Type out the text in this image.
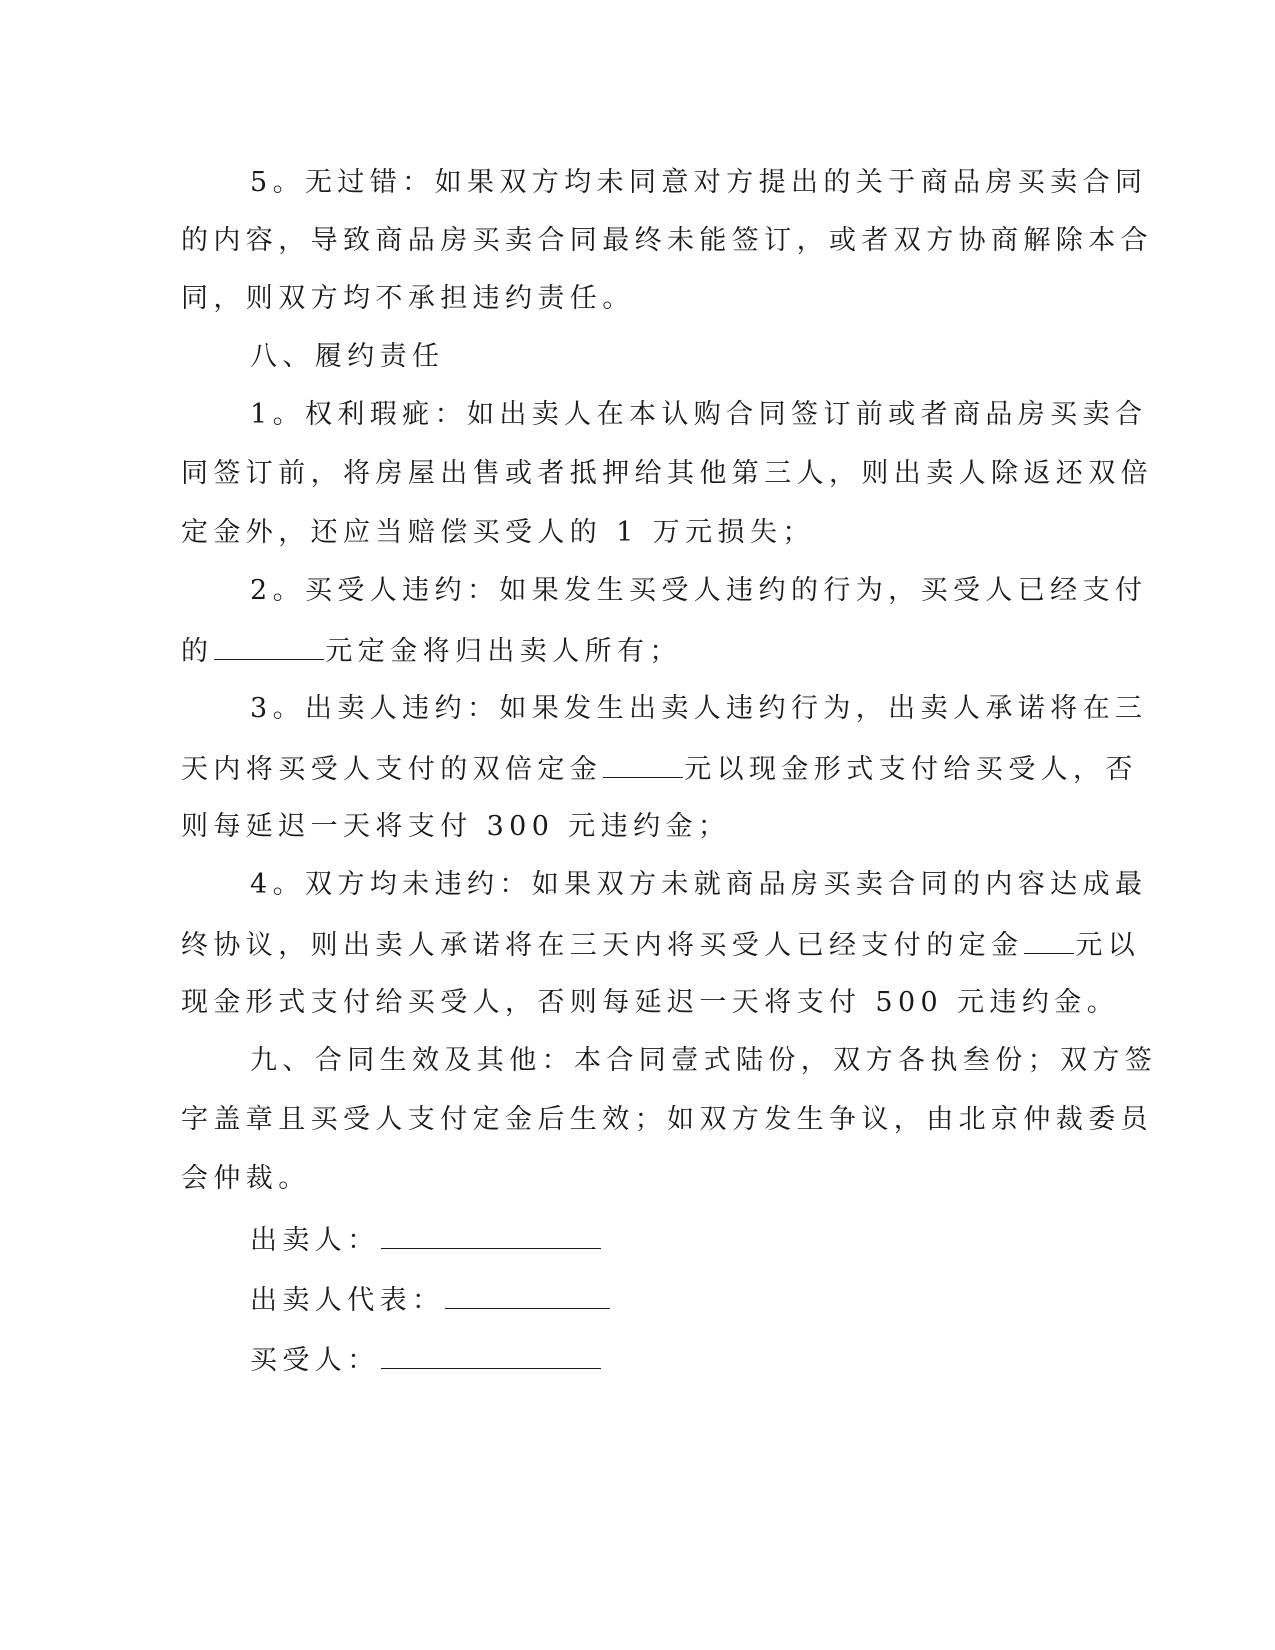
5。无过错：如果双方均未同意对方提出的关于商品房买卖合同
的内容，导致商品房买卖合同最终未能签订，或者双方协商解除本合
同，则双方均不承担违约责任。
八、履约责任
1。权利瑕疵：如出卖人在本认购合同签订前或者商品房买卖合
同签订前，将房屋出售或者抵押给其他第三人，则出卖人除返还双倍
定金外，还应当赔偿买受人的 1 万元损失；
2。买受人违约：如果发生买受人违约的行为，买受人已经支付
的	元定金将归出卖人所有；
3。出卖人违约：如果发生出卖人违约行为，出卖人承诺将在三
天内将买受人支付的双倍定金	元以现金形式支付给买受人，否
则每延迟一天将支付 300 元违约金；
4。双方均未违约：如果双方未就商品房买卖合同的内容达成最
终协议，则出卖人承诺将在三天内将买受人已经支付的定金 元以
现金形式支付给买受人，否则每延迟一天将支付 500 元违约金。
九、合同生效及其他：本合同壹式陆份，双方各执叁份；双方签
字盖章且买受人支付定金后生效；如双方发生争议，由北京仲裁委员
会仲裁。
出卖人：
出卖人代表：
买受人：
